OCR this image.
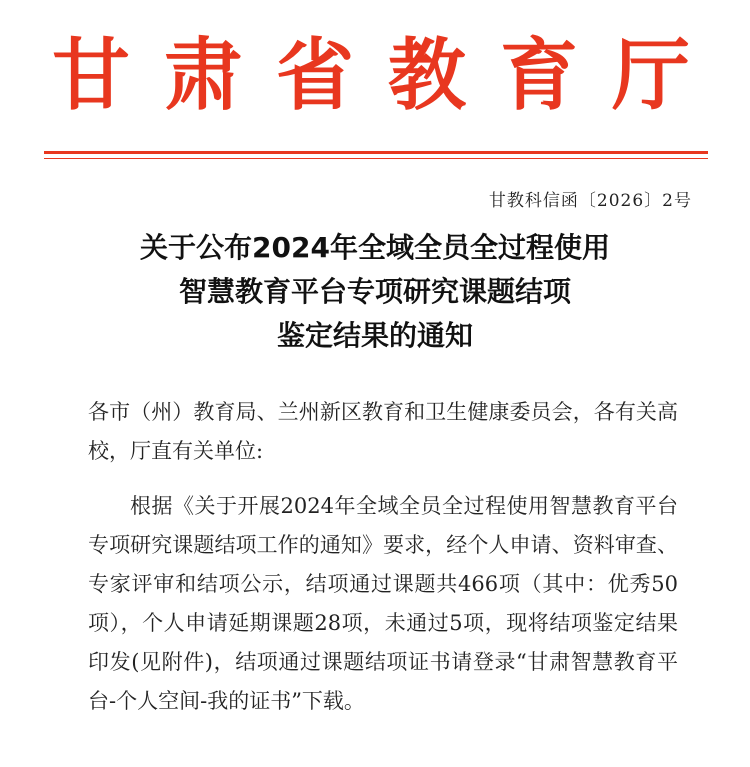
甘肃省教育厅
甘教科信函〔2026〕2号
关于公布2024年全域全员全过程使用
智慧教育平台专项研究课题结项
鉴定结果的通知
各市（州）教育局、兰州新区教育和卫生健康委员会，各有关高校，厅直有关单位:
根据《关于开展2024年全域全员全过程使用智慧教育平台专项研究课题结项工作的通知》要求，经个人申请、资料审查、专家评审和结项公示，结项通过课题共466项（其中：优秀50项），个人申请延期课题28项，未通过5项，现将结项鉴定结果印发(见附件)，结项通过课题结项证书请登录“甘肃智慧教育平台-个人空间-我的证书”下载。
